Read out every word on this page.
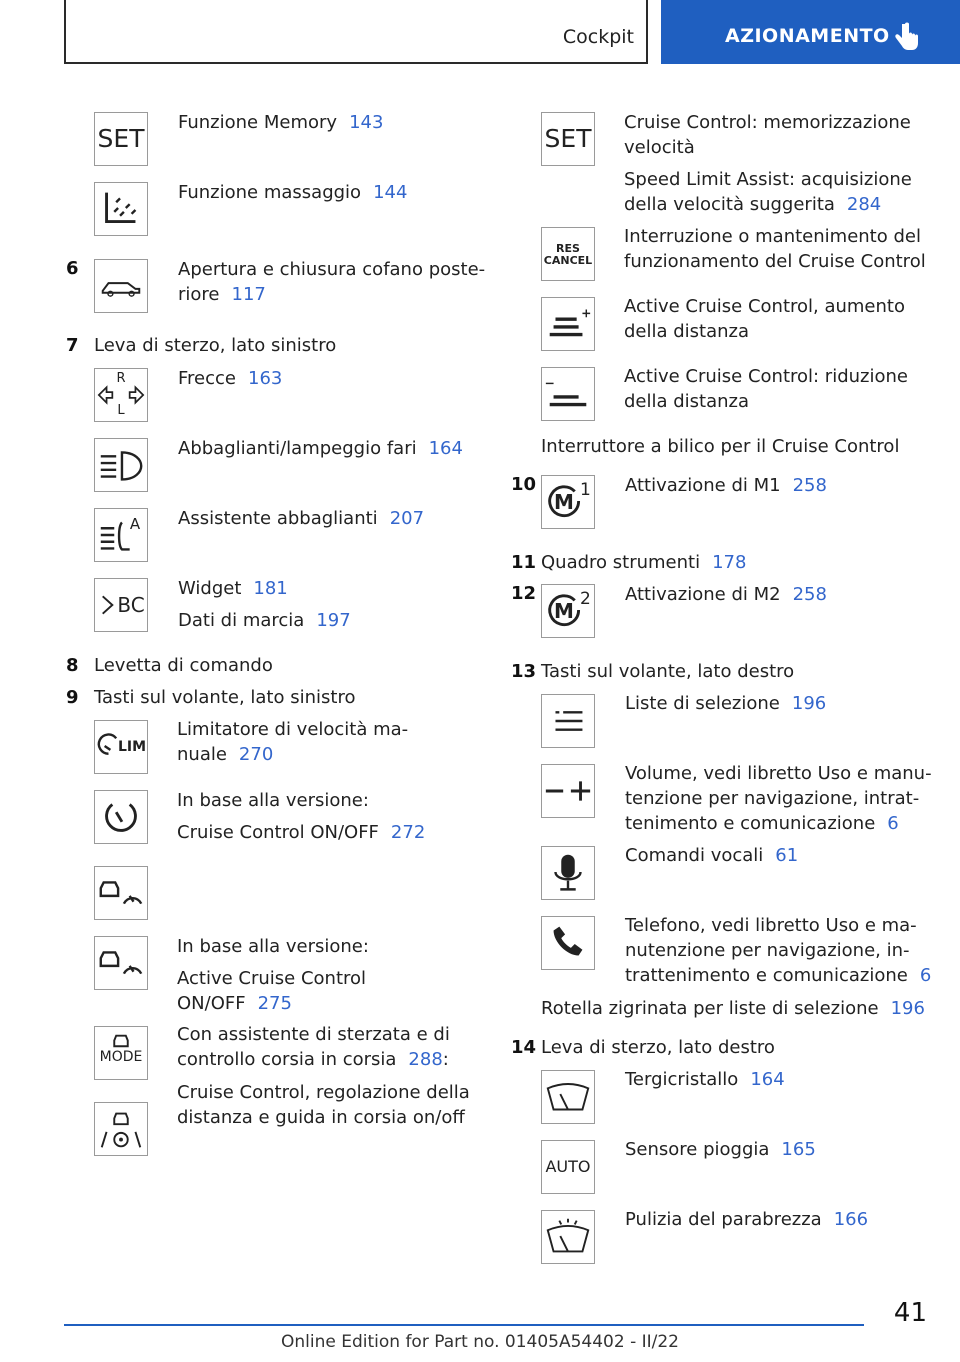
Cockpit	AZIONAMENTO
SET
Funzione Memory 143
Funzione massaggio 144
6	Apertura e chiusura cofano poste-
riore 117
7 Leva di sterzo, lato sinistro
R
L
Frecce 163
Abbaglianti/lampeggio fari 164
A	Assistente abbaglianti 207
BC
Widget 181
Dati di marcia 197
8 Levetta di comando
9 Tasti sul volante, lato sinistro
LIM
Limitatore di velocità ma-
nuale 270
In base alla versione:
Cruise Control ON/OFF 272
In base alla versione:
Active Cruise Control
ON/OFF 275
MODE
Con assistente di sterzata e di
controllo corsia in corsia 288:
Cruise Control, regolazione della
distanza e guida in corsia on/off
SET
Cruise Control: memorizzazione
velocità
Speed Limit Assist: acquisizione
della velocità suggerita 284
RES
CANCEL
Interruzione o mantenimento del
funzionamento del Cruise Control
Active Cruise Control, aumento
della distanza
Active Cruise Control: riduzione
della distanza
Interruttore a bilico per il Cruise Control
10
M 1 Attivazione di M1 258
11 Quadro strumenti 178
12
M 2 Attivazione di M2 258
13 Tasti sul volante, lato destro
Liste di selezione 196
Volume, vedi libretto Uso e manu-
tenzione per navigazione, intrat-
tenimento e comunicazione 6
Comandi vocali 61
Telefono, vedi libretto Uso e ma-
nutenzione per navigazione, in-
trattenimento e comunicazione 6
Rotella zigrinata per liste di selezione 196
14 Leva di sterzo, lato destro
Tergicristallo 164
AUTO
Sensore pioggia 165
Pulizia del parabrezza 166
41
Online Edition for Part no. 01405A54402 - II/22
